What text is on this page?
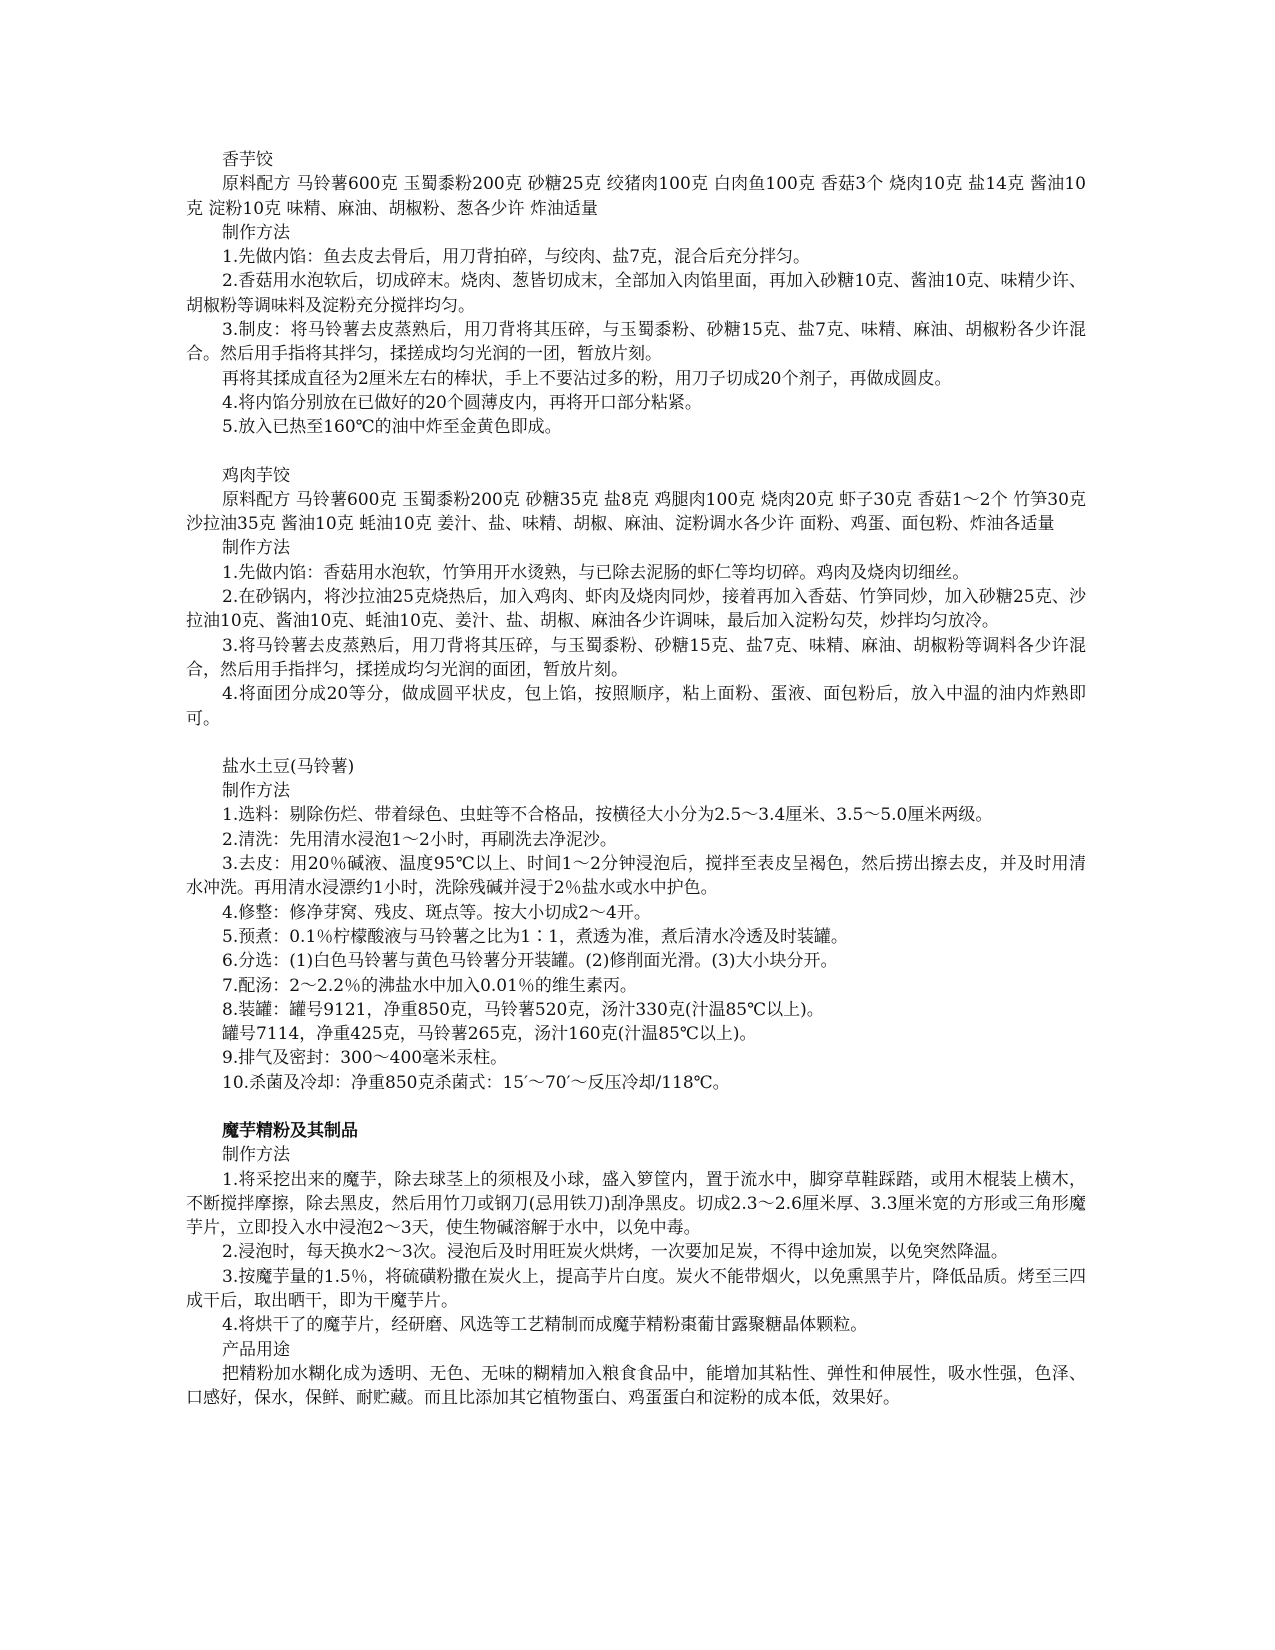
香芋饺

原料配方 马铃薯600克 玉蜀黍粉200克 砂糖25克 绞猪肉100克 白肉鱼100克 香菇3个 烧肉10克 盐14克 酱油10克 淀粉10克 味精、麻油、胡椒粉、葱各少许 炸油适量

制作方法

1.先做内馅：鱼去皮去骨后，用刀背拍碎，与绞肉、盐7克，混合后充分拌匀。

2.香菇用水泡软后，切成碎末。烧肉、葱皆切成末，全部加入肉馅里面，再加入砂糖10克、酱油10克、味精少许、胡椒粉等调味料及淀粉充分搅拌均匀。

3.制皮：将马铃薯去皮蒸熟后，用刀背将其压碎，与玉蜀黍粉、砂糖15克、盐7克、味精、麻油、胡椒粉各少许混合。然后用手指将其拌匀，揉搓成均匀光润的一团，暂放片刻。

再将其揉成直径为2厘米左右的棒状，手上不要沾过多的粉，用刀子切成20个剂子，再做成圆皮。

4.将内馅分别放在已做好的20个圆薄皮内，再将开口部分粘紧。

5.放入已热至160℃的油中炸至金黄色即成。

鸡肉芋饺

原料配方 马铃薯600克 玉蜀黍粉200克 砂糖35克 盐8克 鸡腿肉100克 烧肉20克 虾子30克 香菇1～2个 竹笋30克 沙拉油35克 酱油10克 蚝油10克 姜汁、盐、味精、胡椒、麻油、淀粉调水各少许 面粉、鸡蛋、面包粉、炸油各适量

制作方法

1.先做内馅：香菇用水泡软，竹笋用开水烫熟，与已除去泥肠的虾仁等均切碎。鸡肉及烧肉切细丝。

2.在砂锅内，将沙拉油25克烧热后，加入鸡肉、虾肉及烧肉同炒，接着再加入香菇、竹笋同炒，加入砂糖25克、沙拉油10克、酱油10克、蚝油10克、姜汁、盐、胡椒、麻油各少许调味，最后加入淀粉勾芡，炒拌均匀放冷。

3.将马铃薯去皮蒸熟后，用刀背将其压碎，与玉蜀黍粉、砂糖15克、盐7克、味精、麻油、胡椒粉等调料各少许混合，然后用手指拌匀，揉搓成均匀光润的面团，暂放片刻。

4.将面团分成20等分，做成圆平状皮，包上馅，按照顺序，粘上面粉、蛋液、面包粉后，放入中温的油内炸熟即可。

盐水土豆(马铃薯)

制作方法

1.选料：剔除伤烂、带着绿色、虫蛀等不合格品，按横径大小分为2.5～3.4厘米、3.5～5.0厘米两级。

2.清洗：先用清水浸泡1～2小时，再刷洗去净泥沙。

3.去皮：用20％碱液、温度95℃以上、时间1～2分钟浸泡后，搅拌至表皮呈褐色，然后捞出擦去皮，并及时用清水冲洗。再用清水浸漂约1小时，洗除残碱并浸于2％盐水或水中护色。

4.修整：修净芽窝、残皮、斑点等。按大小切成2～4开。

5.预煮：0.1％柠檬酸液与马铃薯之比为1∶1，煮透为准，煮后清水冷透及时装罐。

6.分选：(1)白色马铃薯与黄色马铃薯分开装罐。(2)修削面光滑。(3)大小块分开。

7.配汤：2～2.2％的沸盐水中加入0.01％的维生素丙。

8.装罐：罐号9121，净重850克，马铃薯520克，汤汁330克(汁温85℃以上)。

罐号7114，净重425克，马铃薯265克，汤汁160克(汁温85℃以上)。

9.排气及密封：300～400毫米汞柱。

10.杀菌及冷却：净重850克杀菌式：15′～70′～反压冷却/118℃。

魔芋精粉及其制品

制作方法

1.将采挖出来的魔芋，除去球茎上的须根及小球，盛入箩筐内，置于流水中，脚穿草鞋踩踏，或用木棍装上横木，不断搅拌摩擦，除去黑皮，然后用竹刀或钢刀(忌用铁刀)刮净黑皮。切成2.3～2.6厘米厚、3.3厘米宽的方形或三角形魔芋片，立即投入水中浸泡2～3天，使生物碱溶解于水中，以免中毒。

2.浸泡时，每天换水2～3次。浸泡后及时用旺炭火烘烤，一次要加足炭，不得中途加炭，以免突然降温。

3.按魔芋量的1.5％，将硫磺粉撒在炭火上，提高芋片白度。炭火不能带烟火，以免熏黑芋片，降低品质。烤至三四成干后，取出晒干，即为干魔芋片。

4.将烘干了的魔芋片，经研磨、风选等工艺精制而成魔芋精粉棗葡甘露聚糖晶体颗粒。

产品用途

把精粉加水糊化成为透明、无色、无味的糊精加入粮食食品中，能增加其粘性、弹性和伸展性，吸水性强，色泽、口感好，保水，保鲜、耐贮藏。而且比添加其它植物蛋白、鸡蛋蛋白和淀粉的成本低，效果好。
